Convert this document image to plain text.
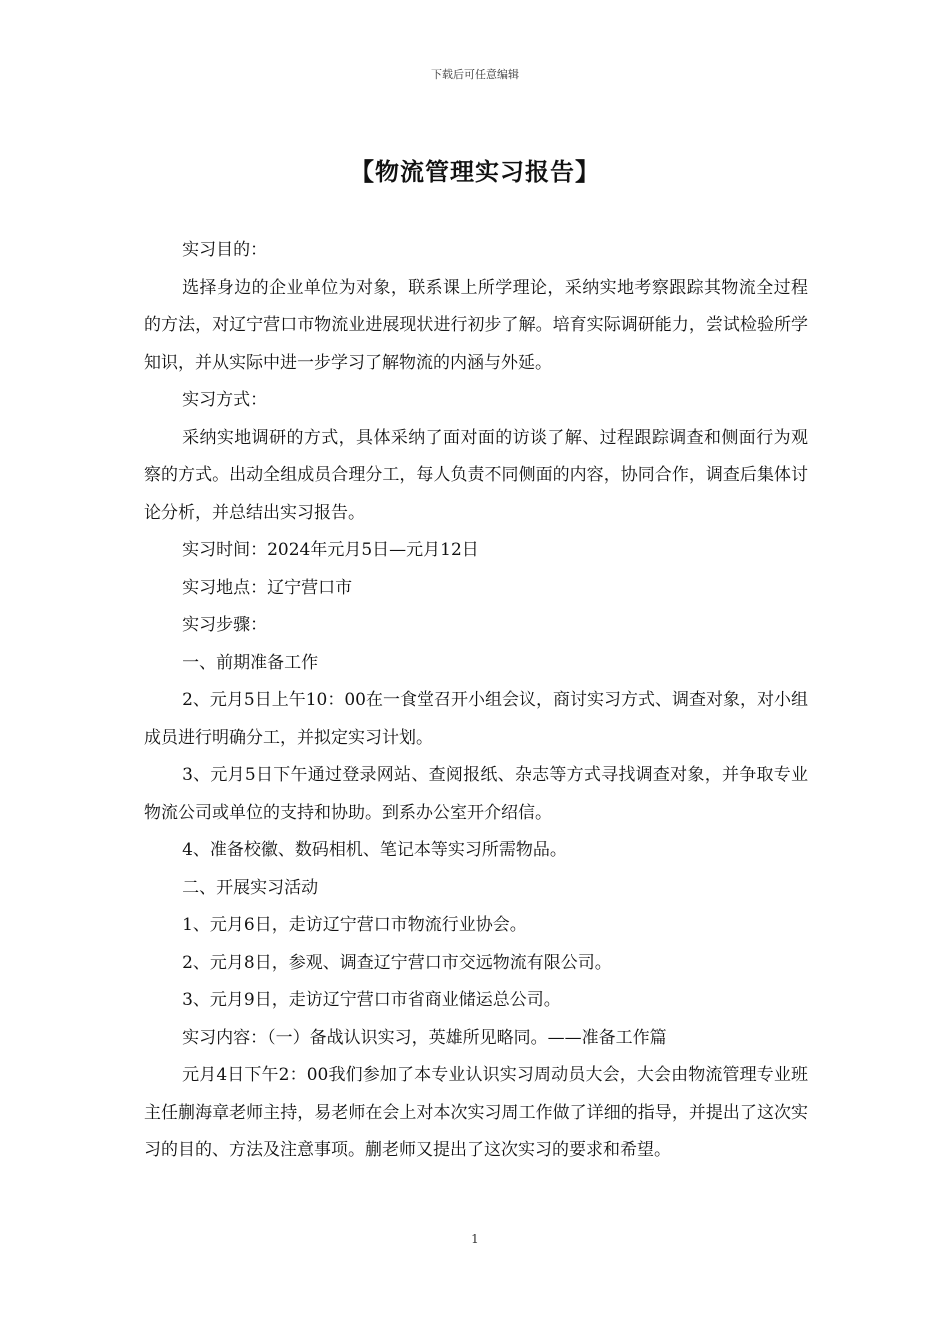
下载后可任意编辑
【物流管理实习报告】

实习目的：

选择身边的企业单位为对象，联系课上所学理论，采纳实地考察跟踪其物流全过程的方法，对辽宁营口市物流业进展现状进行初步了解。培育实际调研能力，尝试检验所学知识，并从实际中进一步学习了解物流的内涵与外延。

实习方式：

采纳实地调研的方式，具体采纳了面对面的访谈了解、过程跟踪调查和侧面行为观察的方式。出动全组成员合理分工，每人负责不同侧面的内容，协同合作，调查后集体讨论分析，并总结出实习报告。

实习时间：2024年元月5日—元月12日

实习地点：辽宁营口市

实习步骤：

一、前期准备工作

2、元月5日上午10：00在一食堂召开小组会议，商讨实习方式、调查对象，对小组成员进行明确分工，并拟定实习计划。

3、元月5日下午通过登录网站、查阅报纸、杂志等方式寻找调查对象，并争取专业物流公司或单位的支持和协助。到系办公室开介绍信。

4、准备校徽、数码相机、笔记本等实习所需物品。

二、开展实习活动

1、元月6日，走访辽宁营口市物流行业协会。

2、元月8日，参观、调查辽宁营口市交远物流有限公司。

3、元月9日，走访辽宁营口市省商业储运总公司。

实习内容：（一）备战认识实习，英雄所见略同。——准备工作篇

元月4日下午2：00我们参加了本专业认识实习周动员大会，大会由物流管理专业班主任蒯海章老师主持，易老师在会上对本次实习周工作做了详细的指导，并提出了这次实习的目的、方法及注意事项。蒯老师又提出了这次实习的要求和希望。

1
